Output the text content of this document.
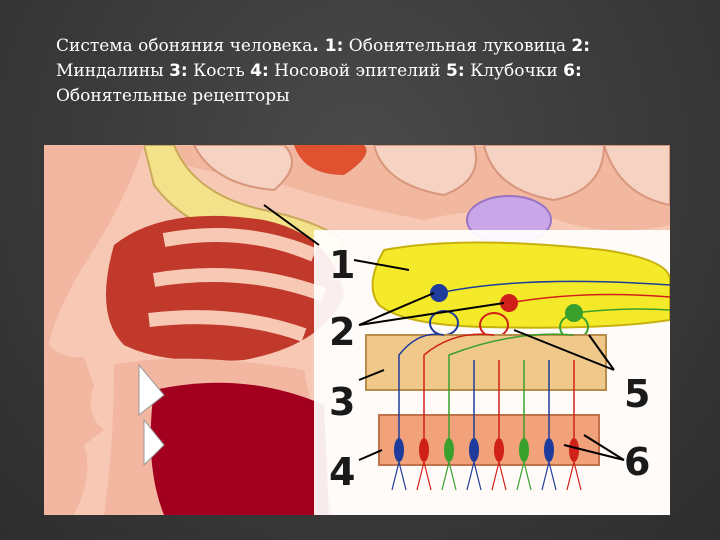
Система обоняния человека. 1: Обонятельная луковица 2: Миндалины 3: Кость 4: Носовой эпителий 5: Клубочки 6: Обонятельные рецепторы
1
2
3
4
5
6
